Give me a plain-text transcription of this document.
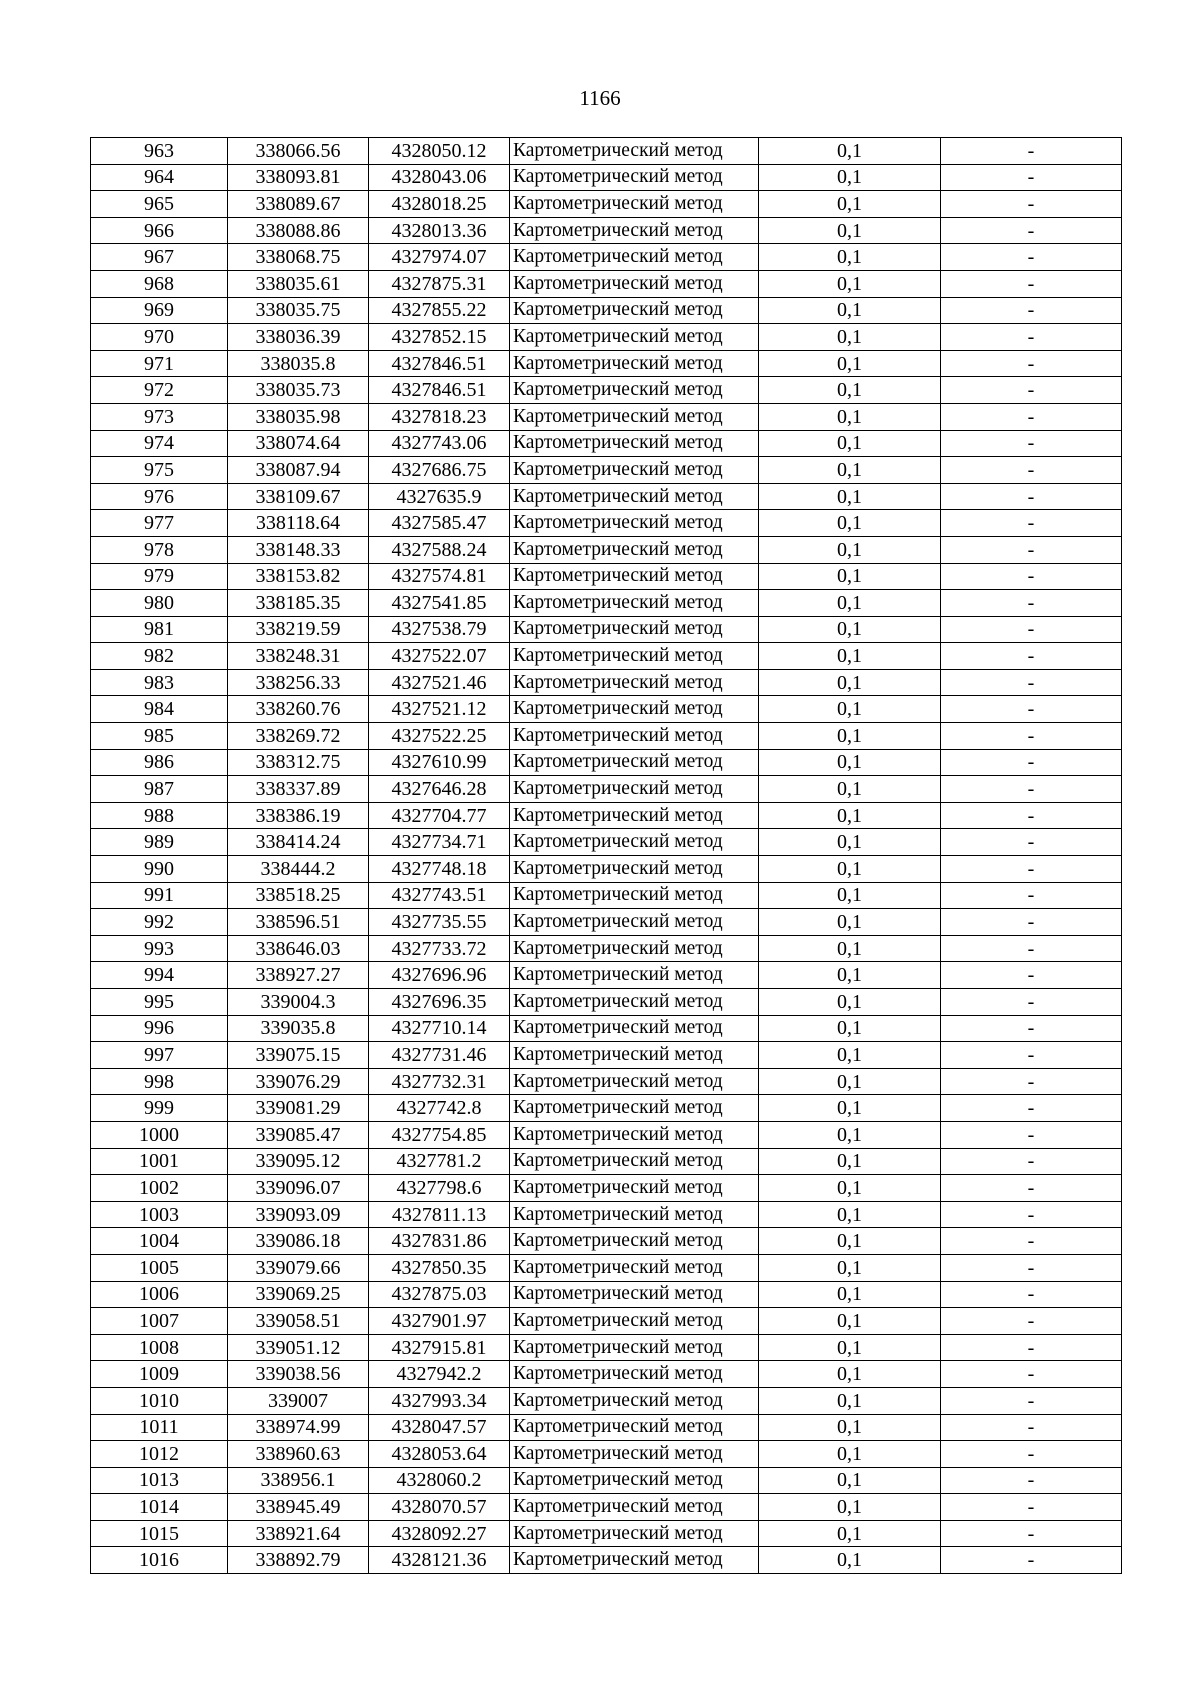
1166
963	338066.56	4328050.12	Картометрический метод	0,1	-
964	338093.81	4328043.06	Картометрический метод	0,1	-
965	338089.67	4328018.25	Картометрический метод	0,1	-
966	338088.86	4328013.36	Картометрический метод	0,1	-
967	338068.75	4327974.07	Картометрический метод	0,1	-
968	338035.61	4327875.31	Картометрический метод	0,1	-
969	338035.75	4327855.22	Картометрический метод	0,1	-
970	338036.39	4327852.15	Картометрический метод	0,1	-
971	338035.8	4327846.51	Картометрический метод	0,1	-
972	338035.73	4327846.51	Картометрический метод	0,1	-
973	338035.98	4327818.23	Картометрический метод	0,1	-
974	338074.64	4327743.06	Картометрический метод	0,1	-
975	338087.94	4327686.75	Картометрический метод	0,1	-
976	338109.67	4327635.9	Картометрический метод	0,1	-
977	338118.64	4327585.47	Картометрический метод	0,1	-
978	338148.33	4327588.24	Картометрический метод	0,1	-
979	338153.82	4327574.81	Картометрический метод	0,1	-
980	338185.35	4327541.85	Картометрический метод	0,1	-
981	338219.59	4327538.79	Картометрический метод	0,1	-
982	338248.31	4327522.07	Картометрический метод	0,1	-
983	338256.33	4327521.46	Картометрический метод	0,1	-
984	338260.76	4327521.12	Картометрический метод	0,1	-
985	338269.72	4327522.25	Картометрический метод	0,1	-
986	338312.75	4327610.99	Картометрический метод	0,1	-
987	338337.89	4327646.28	Картометрический метод	0,1	-
988	338386.19	4327704.77	Картометрический метод	0,1	-
989	338414.24	4327734.71	Картометрический метод	0,1	-
990	338444.2	4327748.18	Картометрический метод	0,1	-
991	338518.25	4327743.51	Картометрический метод	0,1	-
992	338596.51	4327735.55	Картометрический метод	0,1	-
993	338646.03	4327733.72	Картометрический метод	0,1	-
994	338927.27	4327696.96	Картометрический метод	0,1	-
995	339004.3	4327696.35	Картометрический метод	0,1	-
996	339035.8	4327710.14	Картометрический метод	0,1	-
997	339075.15	4327731.46	Картометрический метод	0,1	-
998	339076.29	4327732.31	Картометрический метод	0,1	-
999	339081.29	4327742.8	Картометрический метод	0,1	-
1000	339085.47	4327754.85	Картометрический метод	0,1	-
1001	339095.12	4327781.2	Картометрический метод	0,1	-
1002	339096.07	4327798.6	Картометрический метод	0,1	-
1003	339093.09	4327811.13	Картометрический метод	0,1	-
1004	339086.18	4327831.86	Картометрический метод	0,1	-
1005	339079.66	4327850.35	Картометрический метод	0,1	-
1006	339069.25	4327875.03	Картометрический метод	0,1	-
1007	339058.51	4327901.97	Картометрический метод	0,1	-
1008	339051.12	4327915.81	Картометрический метод	0,1	-
1009	339038.56	4327942.2	Картометрический метод	0,1	-
1010	339007	4327993.34	Картометрический метод	0,1	-
1011	338974.99	4328047.57	Картометрический метод	0,1	-
1012	338960.63	4328053.64	Картометрический метод	0,1	-
1013	338956.1	4328060.2	Картометрический метод	0,1	-
1014	338945.49	4328070.57	Картометрический метод	0,1	-
1015	338921.64	4328092.27	Картометрический метод	0,1	-
1016	338892.79	4328121.36	Картометрический метод	0,1	-
